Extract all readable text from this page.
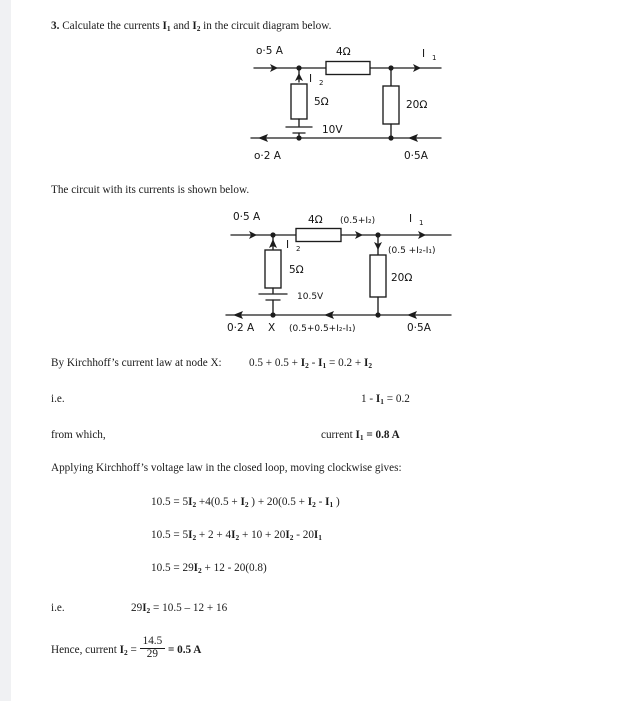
3. Calculate the currents $I_1$ and $I_2$ in the circuit diagram below.
o·5 A	4Ω	I 1
I 2
5Ω
10V
20Ω
o·2 A	0·5A
The circuit with its currents is shown below.
0·5 A	4Ω (0.5+I₂)	I 1
I 2
5Ω
10.5V
(0.5 +I₂-I₁)
20Ω
0·2 A X (0.5+0.5+I₂-I₁)	0·5A
By Kirchhoff’s current law at node X: $0.5 + 0.5 + I_2 - I_1 = 0.2 + I_2$
i.e.	$1 - I_1 = 0.2$
from which,	current $I_1 = 0.8$ A
Applying Kirchhoff’s voltage law in the closed loop, moving clockwise gives:
$10.5 = 5I_2 +4(0.5 + I_2$ ) + $20(0.5 + I_2 - I_1$ )
$10.5 = 5I_2 + 2 + 4I_2 + 10 + 20I_2 - 20I_1$
$10.5 = 29I_2 + 12 - 20(0.8)$
i.e.	$29I_2 = 10.5 - 12 + 16$
Hence, current $I_2 = \frac{14.5}{29} = 0.5$ A
